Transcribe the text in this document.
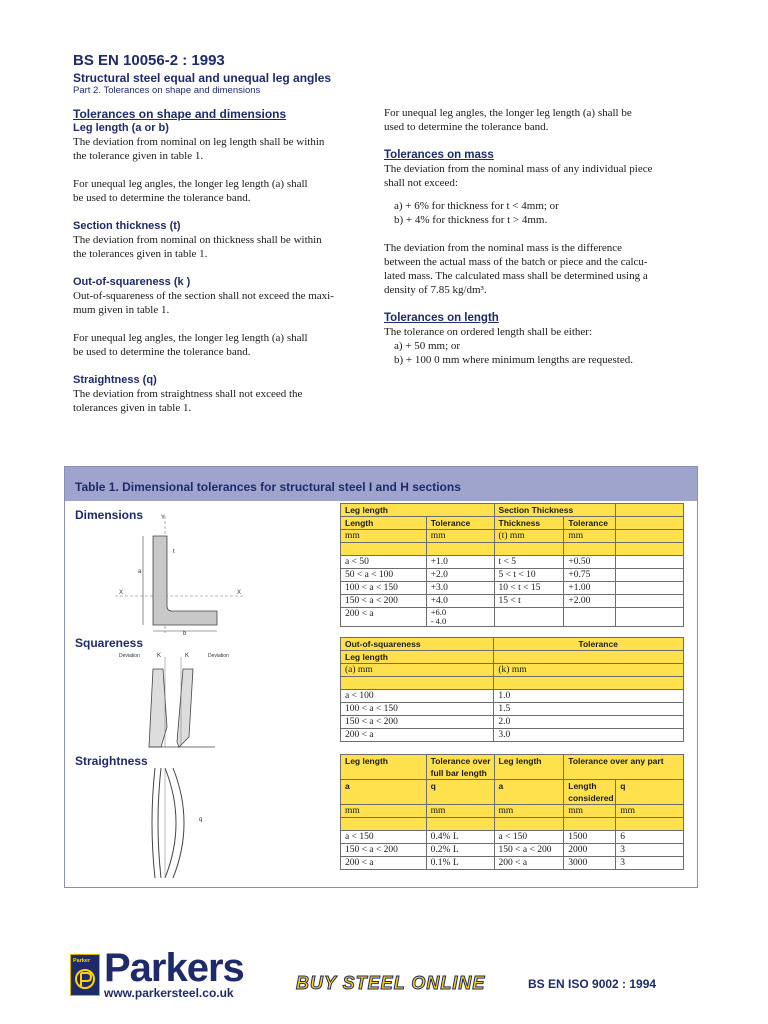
BS EN 10056-2 : 1993
Structural steel equal and unequal leg angles
Part 2. Tolerances on shape and dimensions

Tolerances on shape and dimensions

Leg length (a or b)

The deviation from nominal on leg length shall be within

the tolerance given in table 1.

For unequal leg angles, the longer leg length (a) shall

be used to determine the tolerance band.

Section thickness (t)

The deviation from nominal on thickness shall be within

the tolerances given in table 1.

Out-of-squareness (k )

Out-of-squareness of the section shall not exceed the maxi-

mum given in table 1.

For unequal leg angles, the longer leg length (a) shall

be used to determine the tolerance band.

Straightness (q)

The deviation from straightness shall not exceed the

tolerances given in table 1.

For unequal leg angles, the longer leg length (a) shall be

used to determine the tolerance band.

Tolerances on mass

The deviation from the nominal mass of any individual piece

shall not exceed:

a) + 6% for thickness for t < 4mm; or

b) + 4% for thickness for t > 4mm.

The deviation from the nominal mass is the difference

between the actual mass of the batch or piece and the calcu-

lated mass. The calculated mass shall be determined using a

density of 7.85 kg/dm³.

Tolerances on length

The tolerance on ordered length shall be either:

a) + 50 mm; or

b) + 100 0 mm where minimum lengths are requested.

Table 1. Dimensional tolerances for structural steel I and H sections
Dimensions
Squareness
Straightness
a
b
t
X	X
Y
Deviation	Deviation
K	K
q
Leg length		Section Thickness		
Length	Tolerance	Thickness	Tolerance	
mm	mm	(t) mm	mm	

a < 50	+1.0	t < 5	+0.50	
50 < a < 100	+2.0	5 < t < 10	+0.75	
100 < a < 150	+3.0	10 < t < 15	+1.00	
150 < a < 200	+4.0	15 < t	+2.00	
200 < a	+6.0
- 4.0			

Out-of-squareness	Tolerance
Leg length	
(a) mm	(k) mm

a < 100	1.0
100 < a < 150	1.5
150 < a < 200	2.0
200 < a	3.0
Leg length	Tolerance over
full bar length	Leg length	Tolerance over any part	
a	q	a	Length
considered	q
mm	mm	mm	mm	mm

a < 150	0.4% L	a < 150	1500	6
150 < a < 200	0.2% L	150 < a < 200	2000	3
200 < a	0.1% L	200 < a	3000	3
Parker Parkers
www.parkersteel.co.uk	BUY STEEL ONLINE	BS EN ISO 9002 : 1994
